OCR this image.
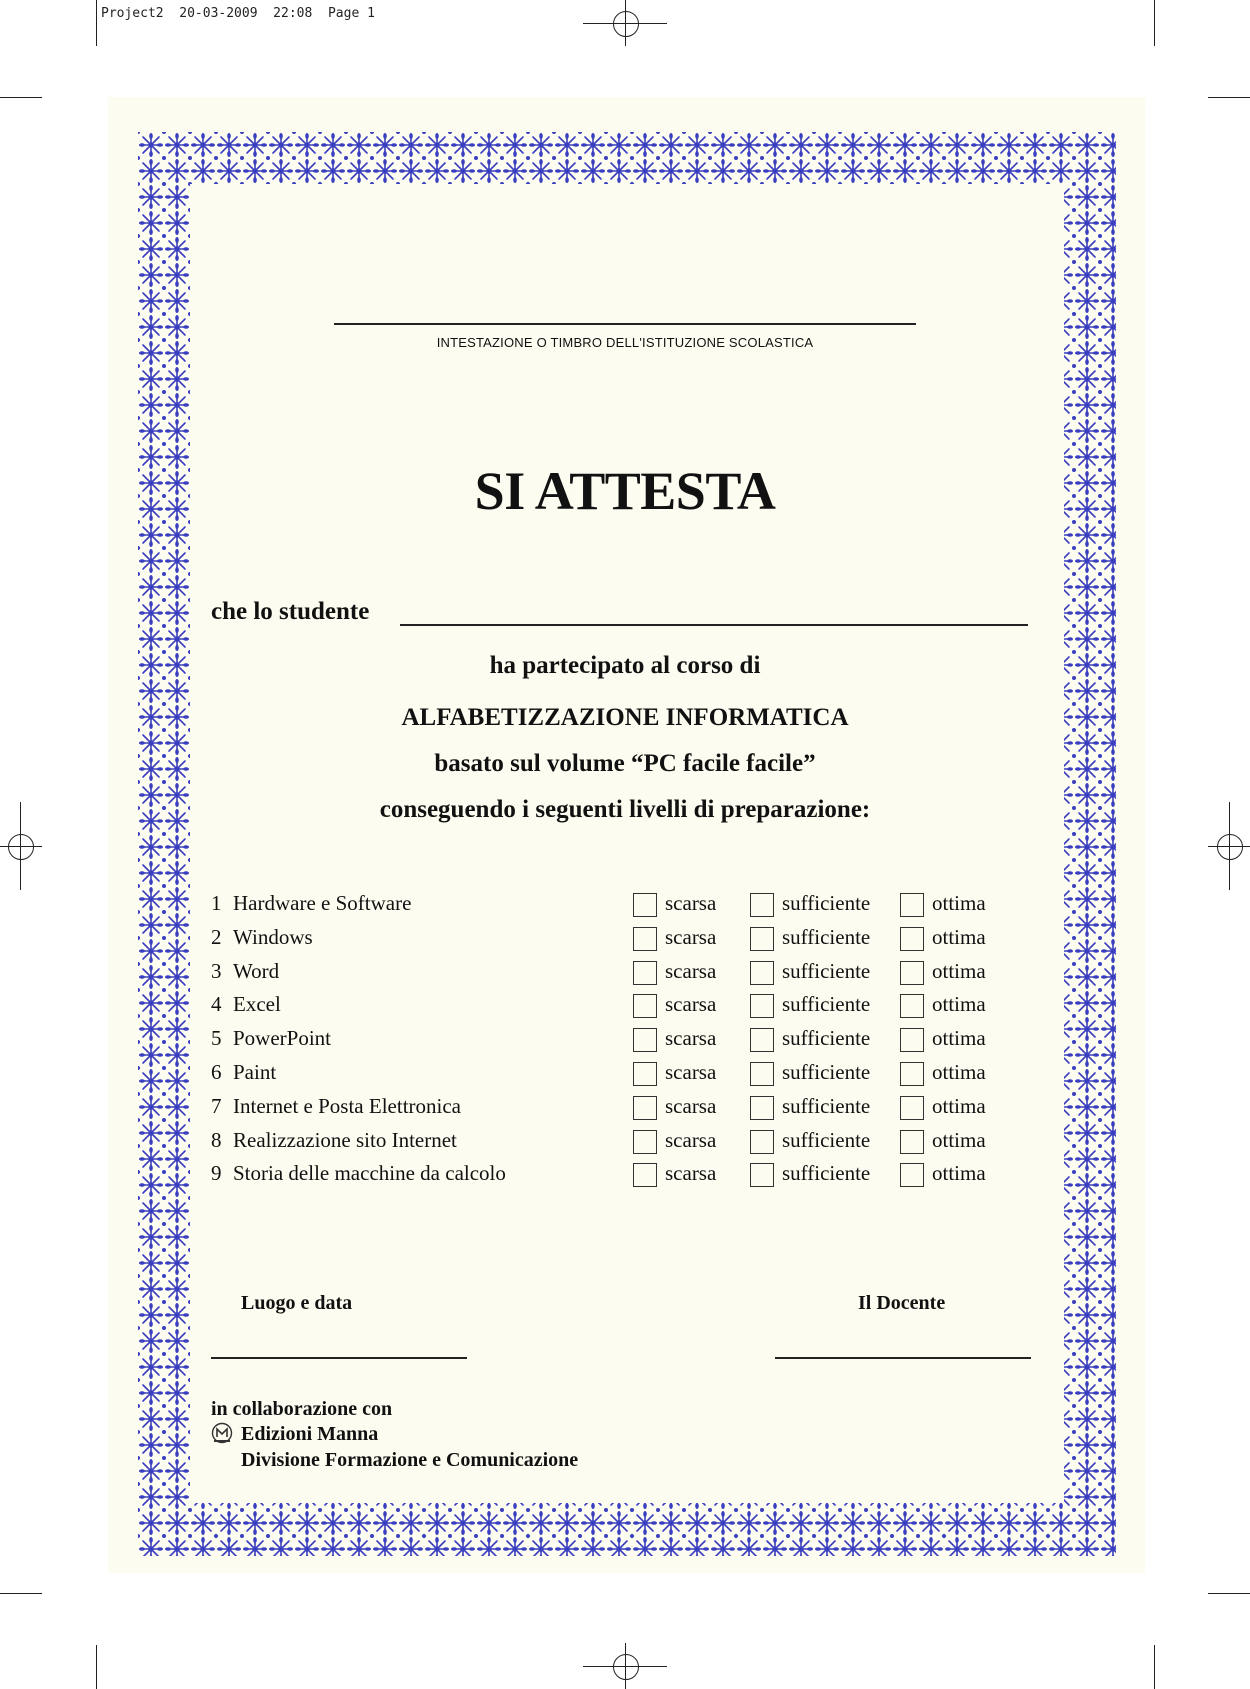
Project2  20-03-2009  22:08  Page 1
INTESTAZIONE O TIMBRO DELL'ISTITUZIONE SCOLASTICA
SI ATTESTA
che lo studente
ha partecipato al corso di
ALFABETIZZAZIONE INFORMATICA
basato sul volume “PC facile facile”
conseguendo i seguenti livelli di preparazione:
1 Hardware e Software	scarsa	sufficiente	ottima
2 Windows	scarsa	sufficiente	ottima
3 Word	scarsa	sufficiente	ottima
4 Excel	scarsa	sufficiente	ottima
5 PowerPoint	scarsa	sufficiente	ottima
6 Paint	scarsa	sufficiente	ottima
7 Internet e Posta Elettronica	scarsa	sufficiente	ottima
8 Realizzazione sito Internet	scarsa	sufficiente	ottima
9 Storia delle macchine da calcolo	scarsa	sufficiente	ottima
Luogo e data	Il Docente
in collaborazione con
Edizioni Manna
Divisione Formazione e Comunicazione
